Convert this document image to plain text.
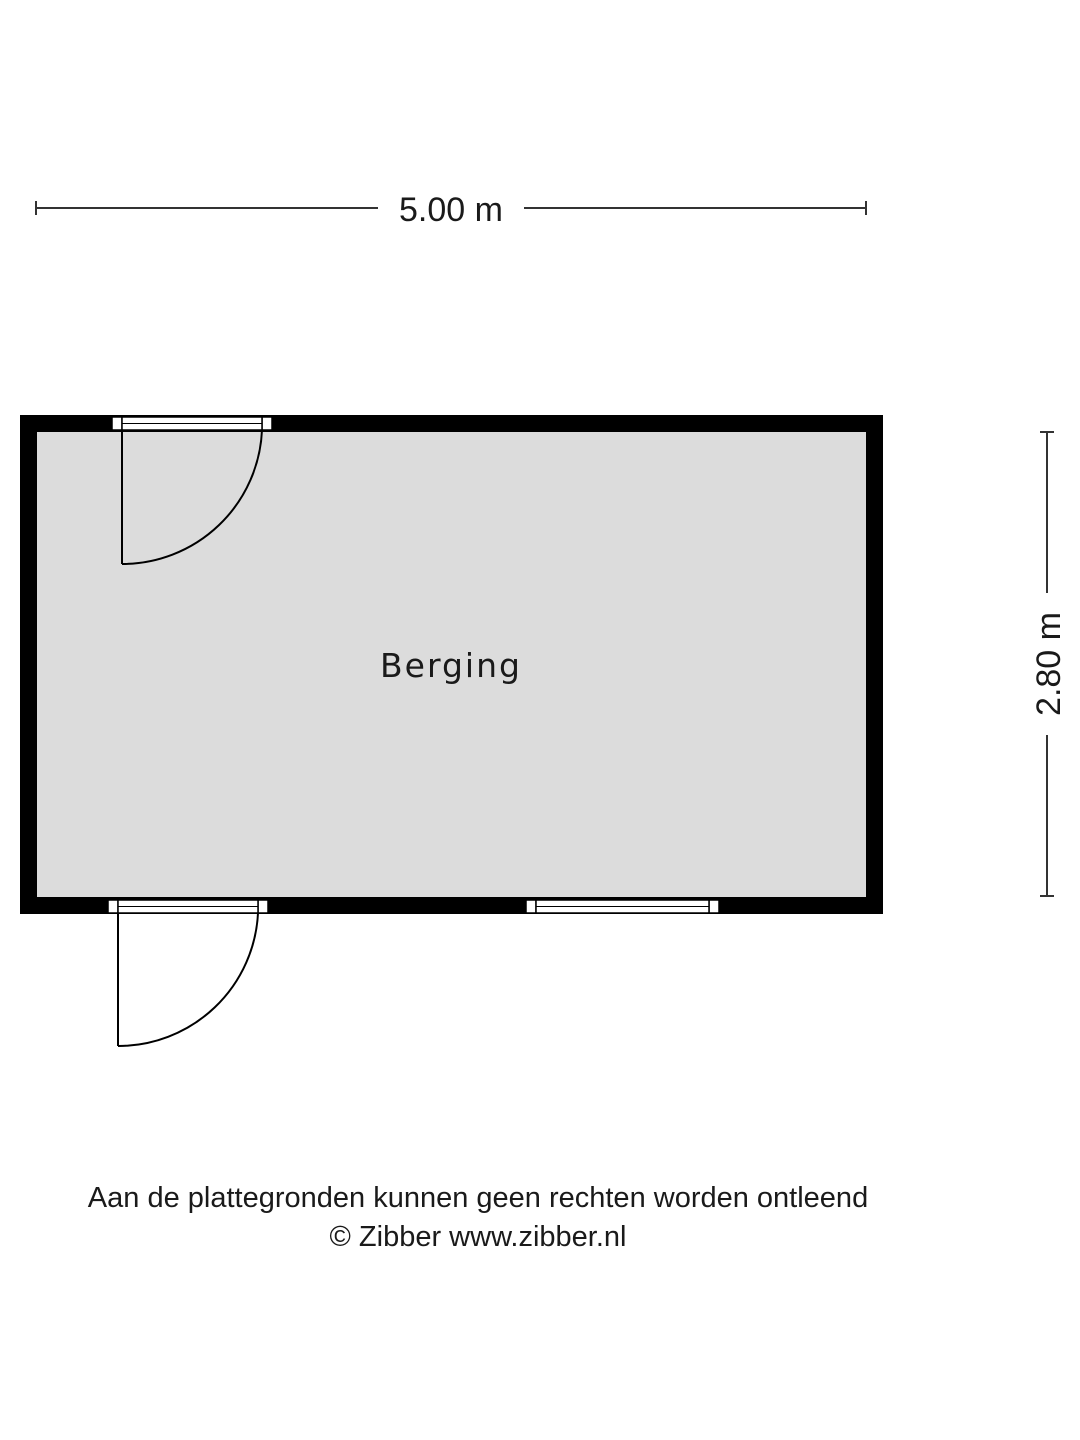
5.00 m
2.80 m
Berging
Aan de plattegronden kunnen geen rechten worden ontleend
© Zibber www.zibber.nl
